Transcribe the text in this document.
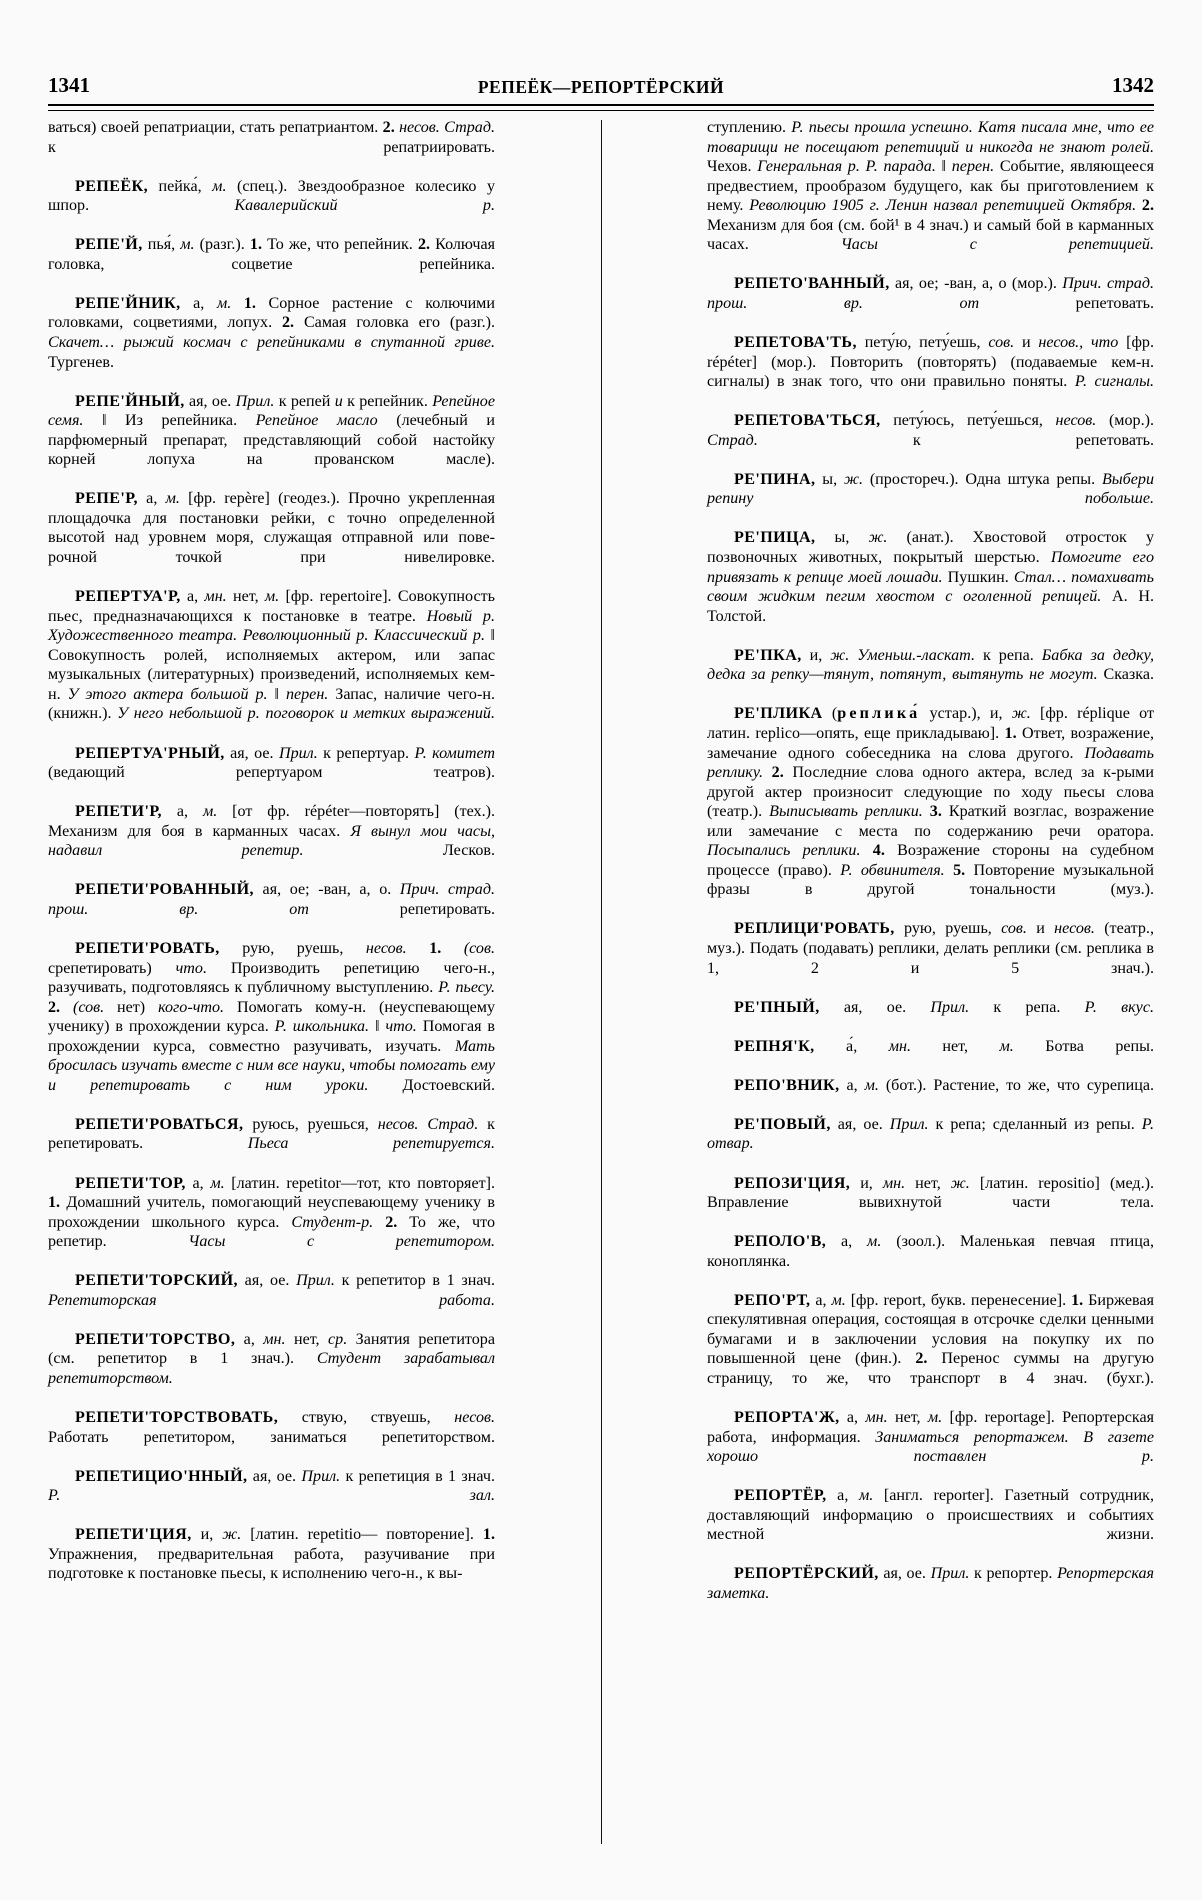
1341	РЕПЕЁК—РЕПОРТЁРСКИЙ	1342

ваться) своей репатриации, стать репатриантом. 2. несов. Страд. к репатриировать.

РЕПЕЁК, пейка́, м. (спец.). Звездообразное колесико у шпор. Кавалерийский р.

РЕПЕ'Й, пья́, м. (разг.). 1. То же, что репейник. 2. Колючая головка, соцветие репейника.

РЕПЕ'ЙНИК, а, м. 1. Сорное растение с колючими головками, соцветиями, лопух. 2. Самая головка его (разг.). Скачет… рыжий космач с репейниками в спутанной гриве. Тургенев.

РЕПЕ'ЙНЫЙ, ая, ое. Прил. к репей и к репейник. Репейное семя. ‖ Из репейника. Репейное масло (лечебный и парфюмерный препарат, представляющий собой настойку корней лопуха на прованском масле).

РЕПЕ'Р, а, м. [фр. repère] (геодез.). Прочно укрепленная площадочка для постановки рейки, с точно определенной высотой над уровнем моря, служащая отправной или поверочной точкой при нивелировке.

РЕПЕРТУА'Р, а, мн. нет, м. [фр. repertoire]. Совокупность пьес, предназначающихся к постановке в театре. Новый р. Художественного театра. Революционный р. Классический р. ‖ Совокупность ролей, исполняемых актером, или запас музыкальных (литературных) произведений, исполняемых кем-н. У этого актера большой р. ‖ перен. Запас, наличие чего-н. (книжн.). У него небольшой р. поговорок и метких выражений.

РЕПЕРТУА'РНЫЙ, ая, ое. Прил. к репертуар. Р. комитет (ведающий репертуаром театров).

РЕПЕТИ'Р, а, м. [от фр. répéter—повторять] (тех.). Механизм для боя в карманных часах. Я вынул мои часы, надавил репетир. Лесков.

РЕПЕТИ'РОВАННЫЙ, ая, ое; -ван, а, о. Прич. страд. прош. вр. от репетировать.

РЕПЕТИ'РОВАТЬ, рую, руешь, несов. 1. (сов. срепетировать) что. Производить репетицию чего-н., разучивать, подготовляясь к публичному выступлению. Р. пьесу. 2. (сов. нет) кого-что. Помогать кому-н. (неуспевающему ученику) в прохождении курса. Р. школьника. ‖ что. Помогая в прохождении курса, совместно разучивать, изучать. Мать бросилась изучать вместе с ним все науки, чтобы помогать ему и репетировать с ним уроки. Достоевский.

РЕПЕТИ'РОВАТЬСЯ, руюсь, руешься, несов. Страд. к репетировать. Пьеса репетируется.

РЕПЕТИ'ТОР, а, м. [латин. repetitor—тот, кто повторяет]. 1. Домашний учитель, помогающий неуспевающему ученику в прохождении школьного курса. Студент-р. 2. То же, что репетир. Часы с репетитором.

РЕПЕТИ'ТОРСКИЙ, ая, ое. Прил. к репетитор в 1 знач. Репетиторская работа.

РЕПЕТИ'ТОРСТВО, а, мн. нет, ср. Занятия репетитора (см. репетитор в 1 знач.). Студент зарабатывал репетиторством.

РЕПЕТИ'ТОРСТВОВАТЬ, ствую, ствуешь, несов. Работать репетитором, заниматься репетиторством.

РЕПЕТИЦИО'ННЫЙ, ая, ое. Прил. к репетиция в 1 знач. Р. зал.

РЕПЕТИ'ЦИЯ, и, ж. [латин. repetitio— повторение]. 1. Упражнения, предварительная работа, разучивание при подготовке к постановке пьесы, к исполнению чего-н., к вы-

ступлению. Р. пьесы прошла успешно. Катя писала мне, что ее товарищи не посещают репетиций и никогда не знают ролей. Чехов. Генеральная р. Р. парада. ‖ перен. Событие, являющееся предвестием, прообразом будущего, как бы приготовлением к нему. Революцию 1905 г. Ленин назвал репетицией Октября. 2. Механизм для боя (см. бой¹ в 4 знач.) и самый бой в карманных часах. Часы с репетицией.

РЕПЕТО'ВАННЫЙ, ая, ое; -ван, а, о (мор.). Прич. страд. прош. вр. от репетовать.

РЕПЕТОВА'ТЬ, пету́ю, пету́ешь, сов. и несов., что [фр. répéter] (мор.). Повторить (повторять) (подаваемые кем-н. сигналы) в знак того, что они правильно поняты. Р. сигналы.

РЕПЕТОВА'ТЬСЯ, пету́юсь, пету́ешься, несов. (мор.). Страд. к репетовать.

РЕ'ПИНА, ы, ж. (простореч.). Одна штука репы. Выбери репину побольше.

РЕ'ПИЦА, ы, ж. (анат.). Хвостовой отросток у позвоночных животных, покрытый шерстью. Помогите его привязать к репице моей лошади. Пушкин. Стал… помахивать своим жидким пегим хвостом с оголенной репицей. А. Н. Толстой.

РЕ'ПКА, и, ж. Уменьш.-ласкат. к репа. Бабка за дедку, дедка за репку—тянут, потянут, вытянуть не могут. Сказка.

РЕ'ПЛИКА (реплика́ устар.), и, ж. [фр. réplique от латин. replico—опять, еще прикладываю]. 1. Ответ, возражение, замечание одного собеседника на слова другого. Подавать реплику. 2. Последние слова одного актера, вслед за к-рыми другой актер произносит следующие по ходу пьесы слова (театр.). Выписывать реплики. 3. Краткий возглас, возражение или замечание с места по содержанию речи оратора. Посыпались реплики. 4. Возражение стороны на судебном процессе (право). Р. обвинителя. 5. Повторение музыкальной фразы в другой тональности (муз.).

РЕПЛИЦИ'РОВАТЬ, рую, руешь, сов. и несов. (театр., муз.). Подать (подавать) реплики, делать реплики (см. реплика в 1, 2 и 5 знач.).

РЕ'ПНЫЙ, ая, ое. Прил. к репа. Р. вкус.

РЕПНЯ'К, а́, мн. нет, м. Ботва репы.

РЕПО'ВНИК, а, м. (бот.). Растение, то же, что сурепица.

РЕ'ПОВЫЙ, ая, ое. Прил. к репа; сделанный из репы. Р. отвар.

РЕПОЗИ'ЦИЯ, и, мн. нет, ж. [латин. repositio] (мед.). Вправление вывихнутой части тела.

РЕПОЛО'В, а, м. (зоол.). Маленькая певчая птица, коноплянка.

РЕПО'РТ, а, м. [фр. report, букв. перенесение]. 1. Биржевая спекулятивная операция, состоящая в отсрочке сделки ценными бумагами и в заключении условия на покупку их по повышенной цене (фин.). 2. Перенос суммы на другую страницу, то же, что транспорт в 4 знач. (бухг.).

РЕПОРТА'Ж, а, мн. нет, м. [фр. reportage]. Репортерская работа, информация. Заниматься репортажем. В газете хорошо поставлен р.

РЕПОРТЁР, а, м. [англ. reporter]. Газетный сотрудник, доставляющий информацию о происшествиях и событиях местной жизни.

РЕПОРТЁРСКИЙ, ая, ое. Прил. к репортер. Репортерская заметка.
